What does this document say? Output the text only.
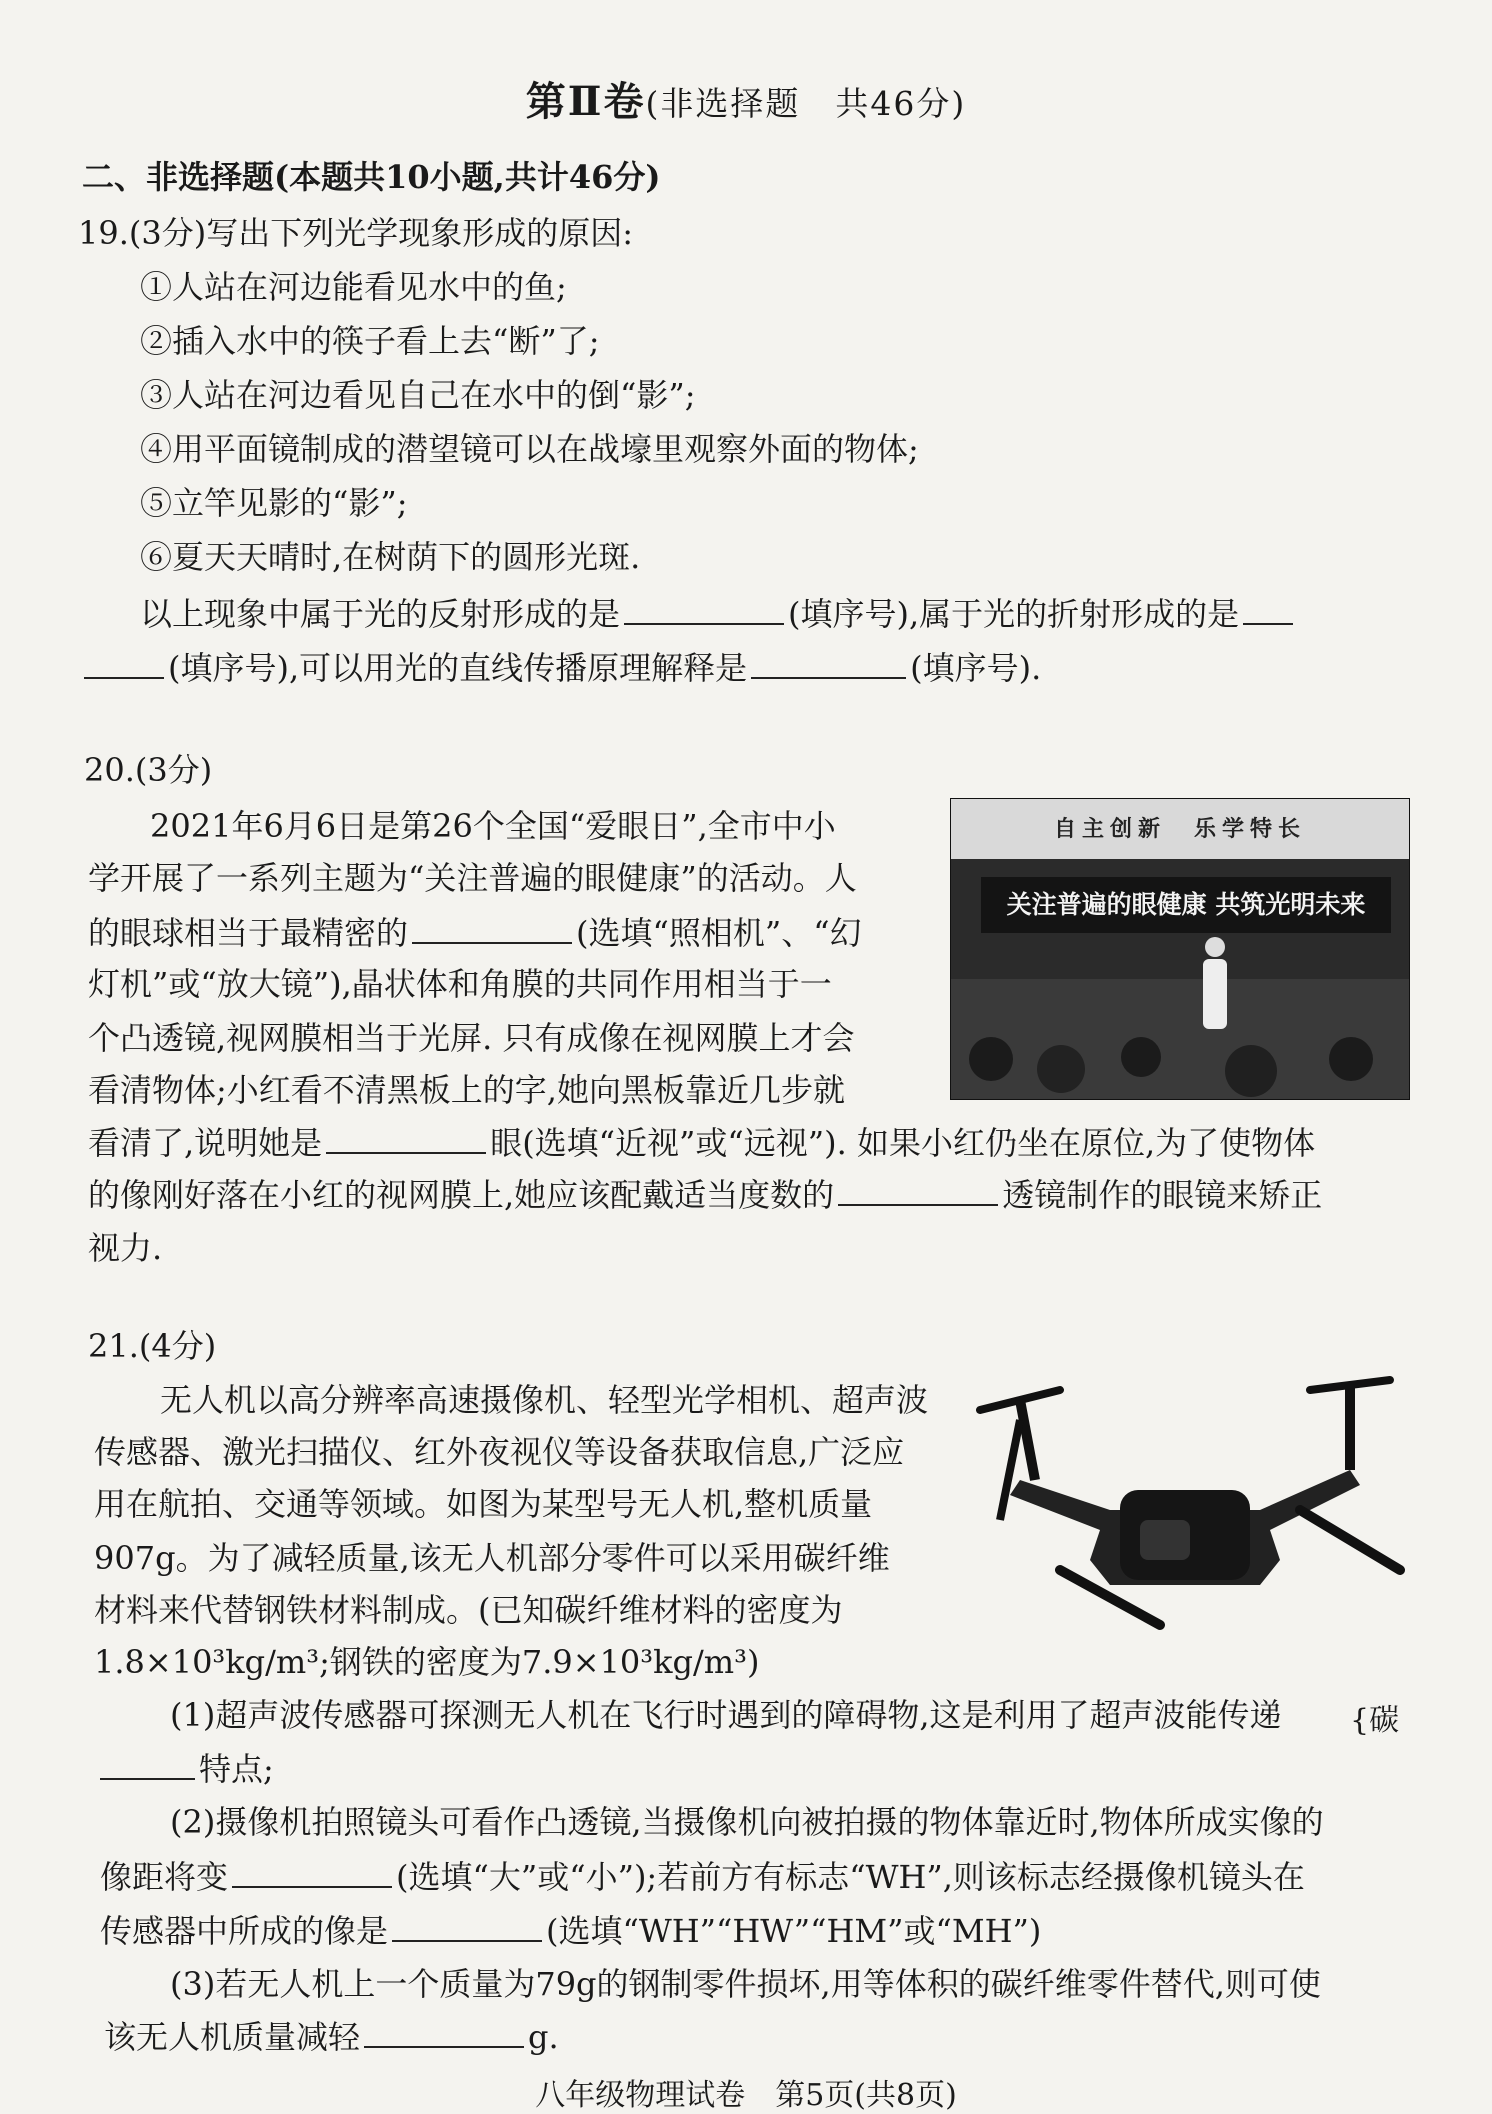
第Ⅱ卷(非选择题　共46分)
二、非选择题(本题共10小题,共计46分)
19.(3分)写出下列光学现象形成的原因:
①人站在河边能看见水中的鱼;
②插入水中的筷子看上去“断”了;
③人站在河边看见自己在水中的倒“影”;
④用平面镜制成的潜望镜可以在战壕里观察外面的物体;
⑤立竿见影的“影”;
⑥夏天天晴时,在树荫下的圆形光斑.
以上现象中属于光的反射形成的是	(填序号),属于光的折射形成的是
(填序号),可以用光的直线传播原理解释是	(填序号).
20.(3分)
2021年6月6日是第26个全国“爱眼日”,全市中小
学开展了一系列主题为“关注普遍的眼健康”的活动。人
的眼球相当于最精密的	(选填“照相机”、“幻
灯机”或“放大镜”),晶状体和角膜的共同作用相当于一
个凸透镜,视网膜相当于光屏. 只有成像在视网膜上才会
看清物体;小红看不清黑板上的字,她向黑板靠近几步就
看清了,说明她是	眼(选填“近视”或“远视”). 如果小红仍坐在原位,为了使物体
的像刚好落在小红的视网膜上,她应该配戴适当度数的	透镜制作的眼镜来矫正
视力.
自主创新　乐学特长
关注普遍的眼健康 共筑光明未来
21.(4分)
无人机以高分辨率高速摄像机、轻型光学相机、超声波
传感器、激光扫描仪、红外夜视仪等设备获取信息,广泛应
用在航拍、交通等领域。如图为某型号无人机,整机质量
907g。为了减轻质量,该无人机部分零件可以采用碳纤维
材料来代替钢铁材料制成。(已知碳纤维材料的密度为
1.8×10³kg/m³;钢铁的密度为7.9×10³kg/m³)
(1)超声波传感器可探测无人机在飞行时遇到的障碍物,这是利用了超声波能传递 {碳
特点;
(2)摄像机拍照镜头可看作凸透镜,当摄像机向被拍摄的物体靠近时,物体所成实像的
像距将变	(选填“大”或“小”);若前方有标志“WH”,则该标志经摄像机镜头在
传感器中所成的像是	(选填“WH”“HW”“HM”或“MH”)
(3)若无人机上一个质量为79g的钢制零件损坏,用等体积的碳纤维零件替代,则可使
该无人机质量减轻	g.
八年级物理试卷　第5页(共8页)
